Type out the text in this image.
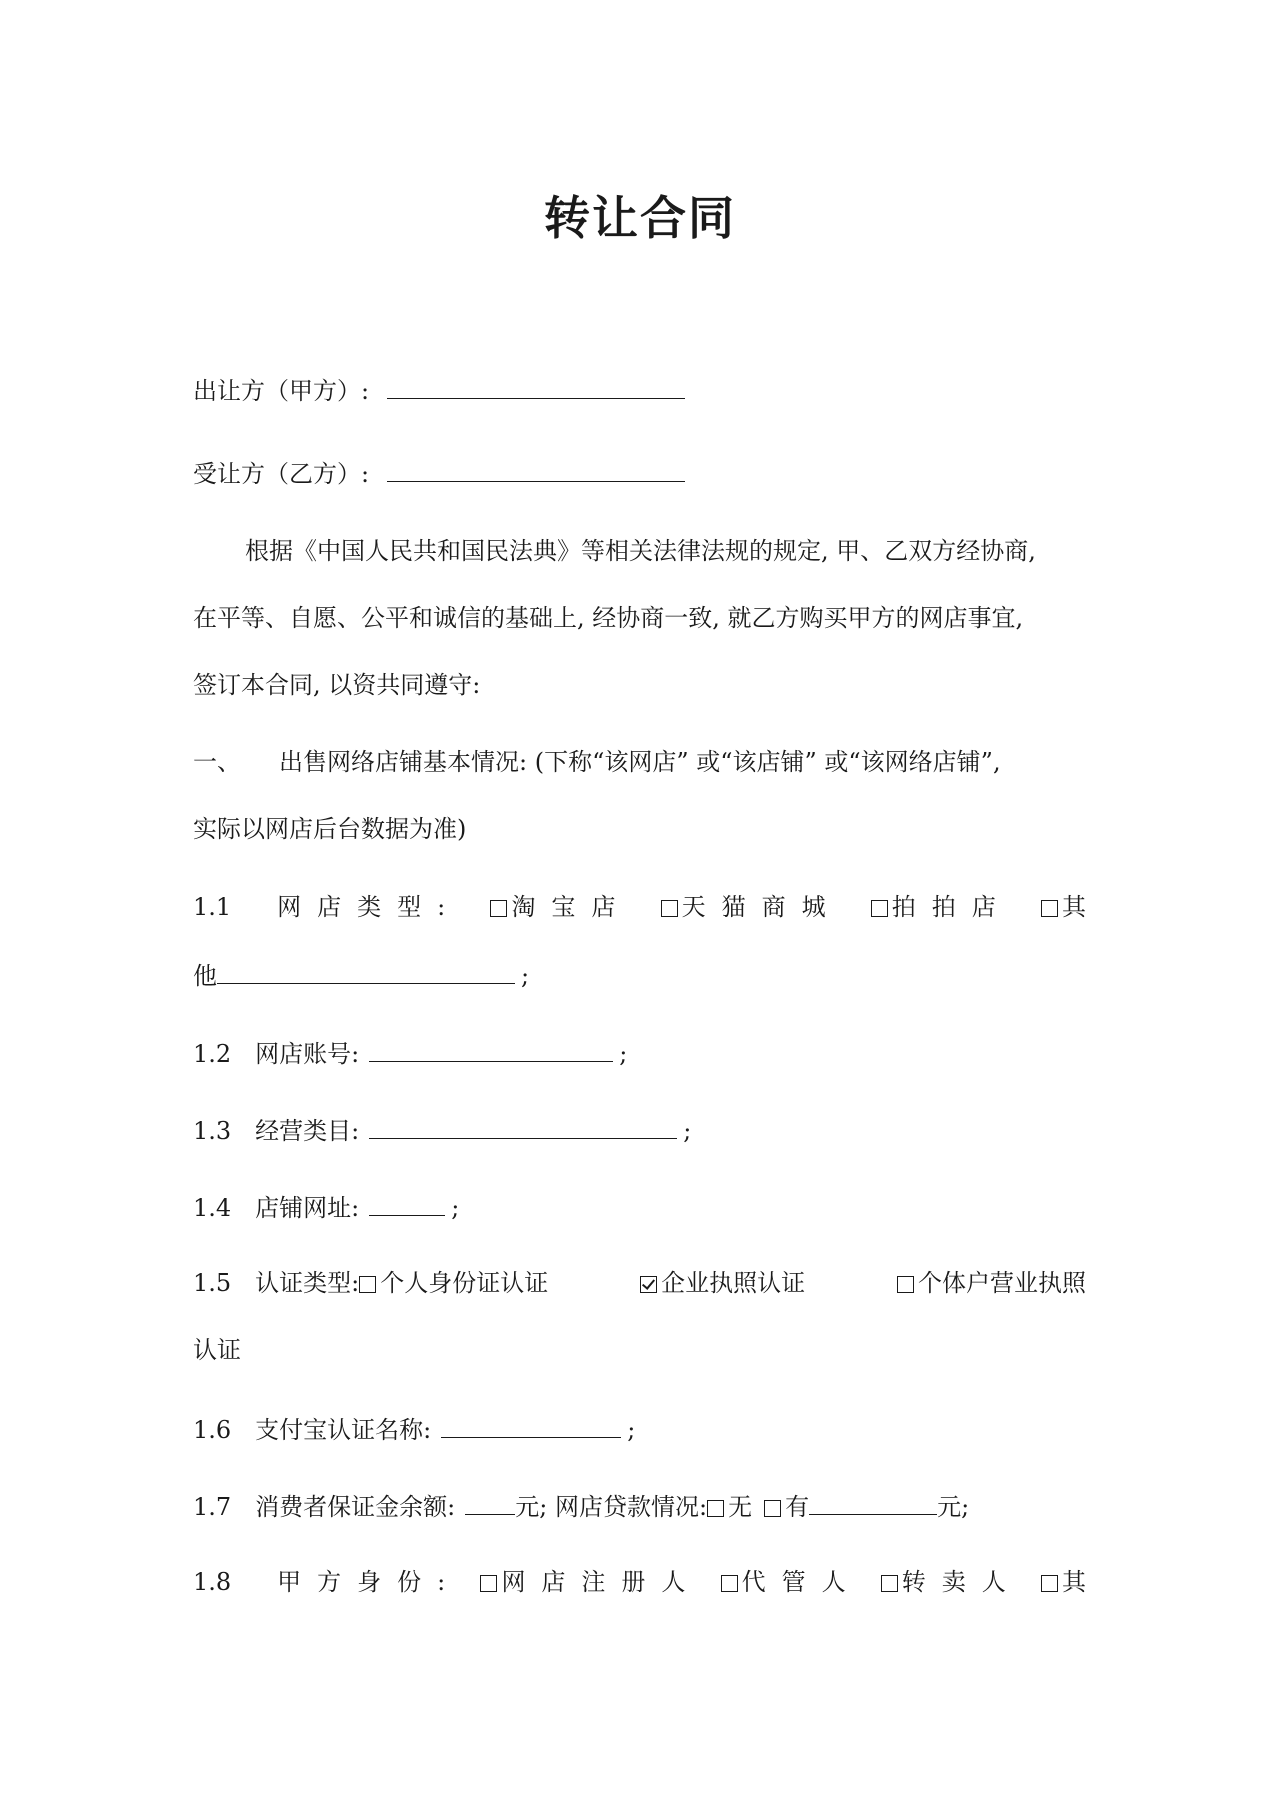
转让合同
出让方（甲方）:
受让方（乙方）:
根据《中国人民共和国民法典》等相关法律法规的规定, 甲、乙双方经协商,
在平等、自愿、公平和诚信的基础上, 经协商一致, 就乙方购买甲方的网店事宜,
签订本合同, 以资共同遵守:
一、 出售网络店铺基本情况: (下称“该网店” 或“该店铺” 或“该网络店铺”,
实际以网店后台数据为准)
1.1 网店类型:	淘宝店	天猫商城	拍拍店	其
他	;
1.2 网店账号:	;
1.3 经营类目:	;
1.4 店铺网址:	;
1.5 认证类型: 个人身份证认证	企业执照认证	个体户营业执照
认证
1.6 支付宝认证名称:	;
1.7 消费者保证金余额:	元; 网店贷款情况: 无 有	元;
1.8 甲方身份:	网店注册人	代管人	转卖人	其
